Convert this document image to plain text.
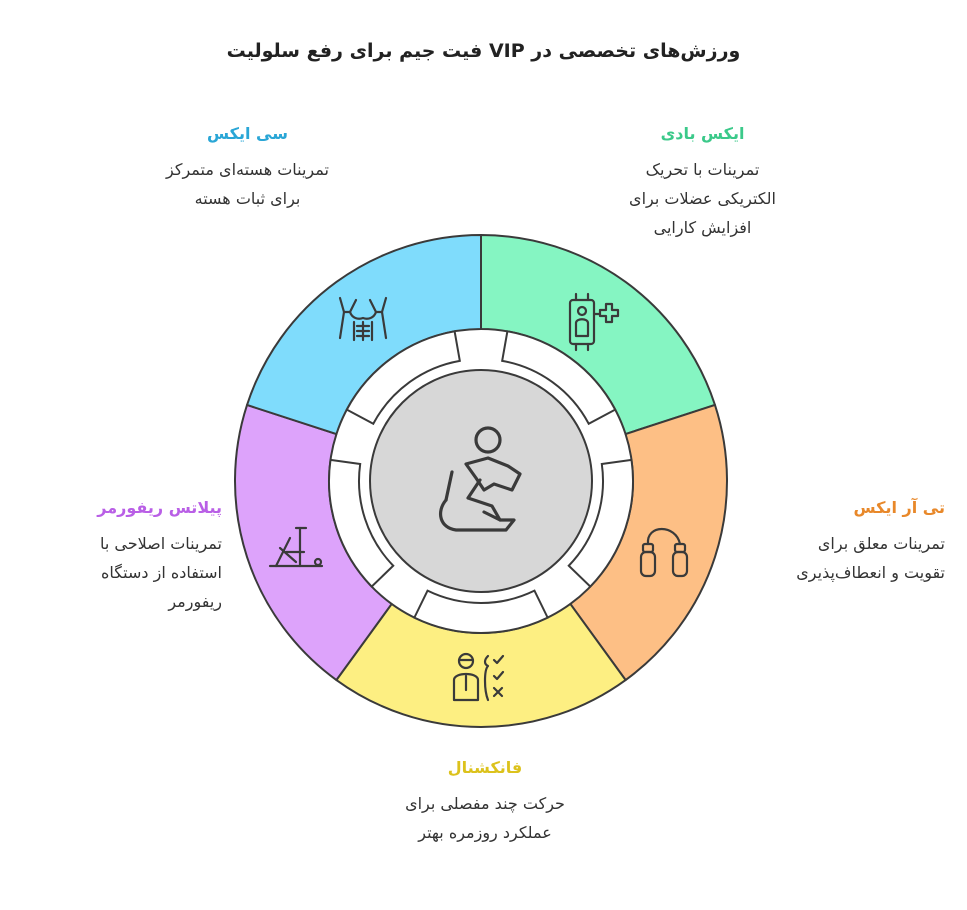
فیت جیم برای رفع سلولیت VIP ورزش‌های تخصصی در
سی ایکس
تمرینات هسته‌ای متمرکز
برای ثبات هسته
ایکس بادی
تمرینات با تحریک
الکتریکی عضلات برای
افزایش کارایی
تی آر ایکس
تمرینات معلق برای
تقویت و انعطاف‌پذیری
پیلاتس ریفورمر
تمرینات اصلاحی با
استفاده از دستگاه
ریفورمر
فانکشنال
حرکت چند مفصلی برای
عملکرد روزمره بهتر
